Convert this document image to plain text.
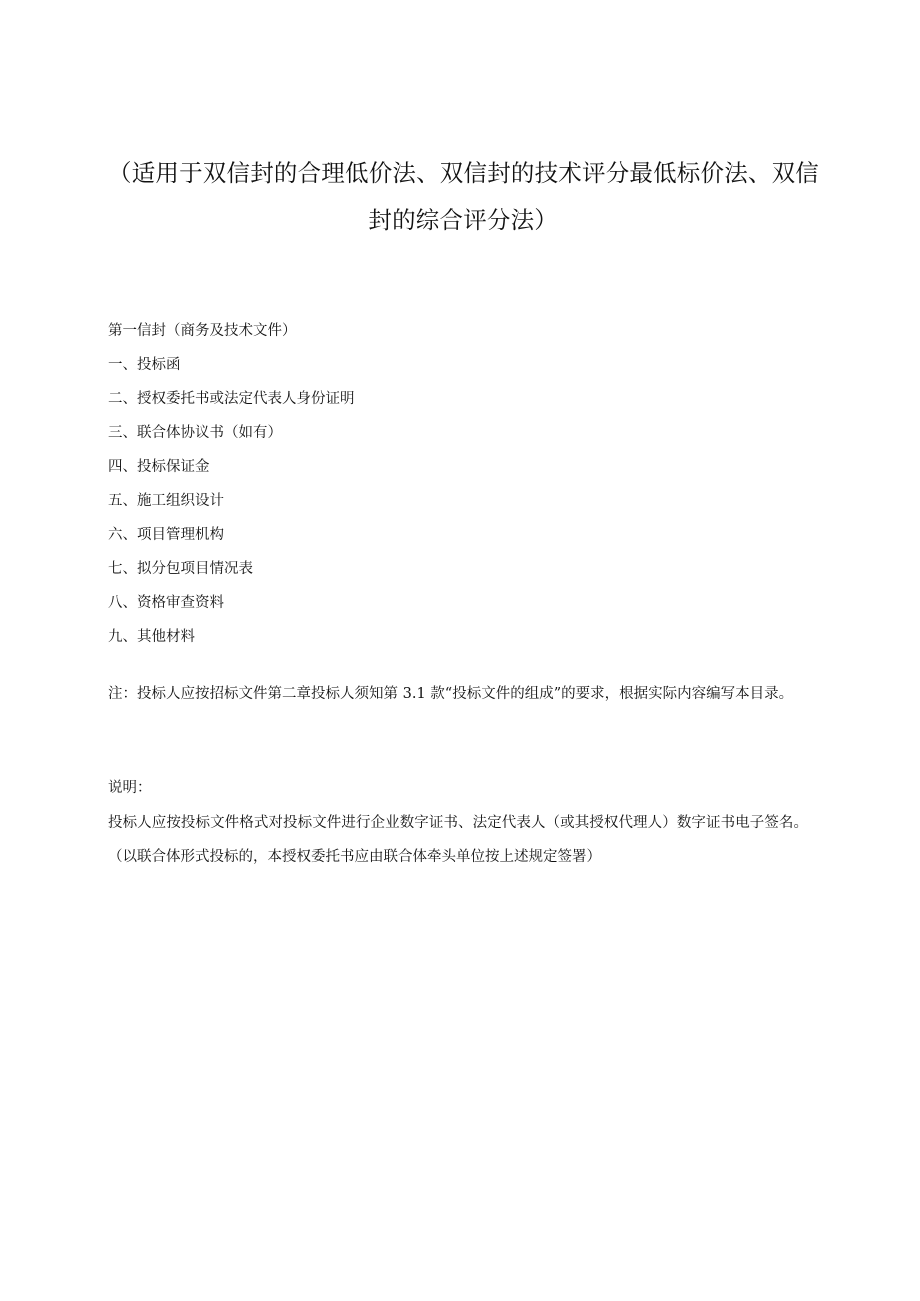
（适用于双信封的合理低价法、双信封的技术评分最低标价法、双信
封的综合评分法）
第一信封（商务及技术文件）
一、投标函
二、授权委托书或法定代表人身份证明
三、联合体协议书（如有）
四、投标保证金
五、施工组织设计
六、项目管理机构
七、拟分包项目情况表
八、资格审查资料
九、其他材料
注：投标人应按招标文件第二章投标人须知第 3.1 款“投标文件的组成”的要求，根据实际内容编写本目录。
说明：
投标人应按投标文件格式对投标文件进行企业数字证书、法定代表人（或其授权代理人）数字证书电子签名。（以联合体形式投标的，本授权委托书应由联合体牵头单位按上述规定签署）
